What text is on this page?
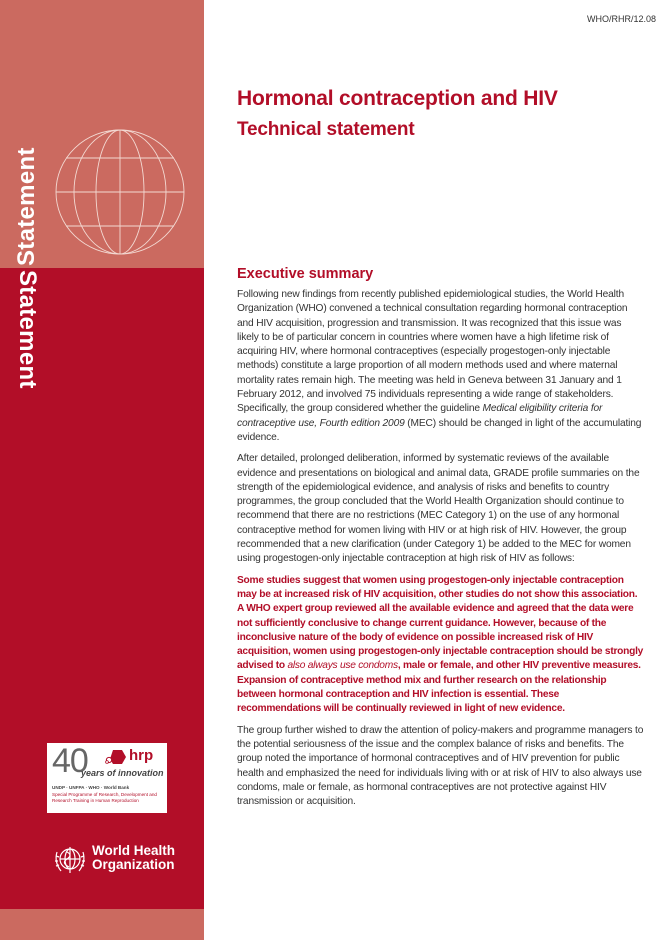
Statement
Statement
40	hrp
years of innovation
UNDP · UNFPA · WHO · World Bank
Special Programme of Research, Development and Research Training in Human Reproduction
World Health
Organization
WHO/RHR/12.08
Hormonal contraception and HIV
Technical statement
Executive summary

Following new findings from recently published epidemiological studies, the World Health Organization (WHO) convened a technical consultation regarding hormonal contraception and HIV acquisition, progression and transmission. It was recognized that this issue was likely to be of particular concern in countries where women have a high lifetime risk of acquiring HIV, where hormonal contraceptives (especially progestogen-only injectable methods) constitute a large proportion of all modern methods used and where maternal mortality rates remain high. The meeting was held in Geneva between 31 January and 1 February 2012, and involved 75 individuals representing a wide range of stakeholders. Specifically, the group considered whether the guideline Medical eligibility criteria for contraceptive use, Fourth edition 2009 (MEC) should be changed in light of the accumulating evidence.

After detailed, prolonged deliberation, informed by systematic reviews of the available evidence and presentations on biological and animal data, GRADE profile summaries on the strength of the epidemiological evidence, and analysis of risks and benefits to country programmes, the group concluded that the World Health Organization should continue to recommend that there are no restrictions (MEC Category 1) on the use of any hormonal contraceptive method for women living with HIV or at high risk of HIV. However, the group recommended that a new clarification (under Category 1) be added to the MEC for women using progestogen-only injectable contraception at high risk of HIV as follows:

Some studies suggest that women using progestogen-only injectable contraception may be at increased risk of HIV acquisition, other studies do not show this association. A WHO expert group reviewed all the available evidence and agreed that the data were not sufficiently conclusive to change current guidance. However, because of the inconclusive nature of the body of evidence on possible increased risk of HIV acquisition, women using progestogen-only injectable contraception should be strongly advised to also always use condoms, male or female, and other HIV preventive measures. Expansion of contraceptive method mix and further research on the relationship between hormonal contraception and HIV infection is essential. These recommendations will be continually reviewed in light of new evidence.

The group further wished to draw the attention of policy-makers and programme managers to the potential seriousness of the issue and the complex balance of risks and benefits. The group noted the importance of hormonal contraceptives and of HIV prevention for public health and emphasized the need for individuals living with or at risk of HIV to also always use condoms, male or female, as hormonal contraceptives are not protective against HIV transmission or acquisition.
